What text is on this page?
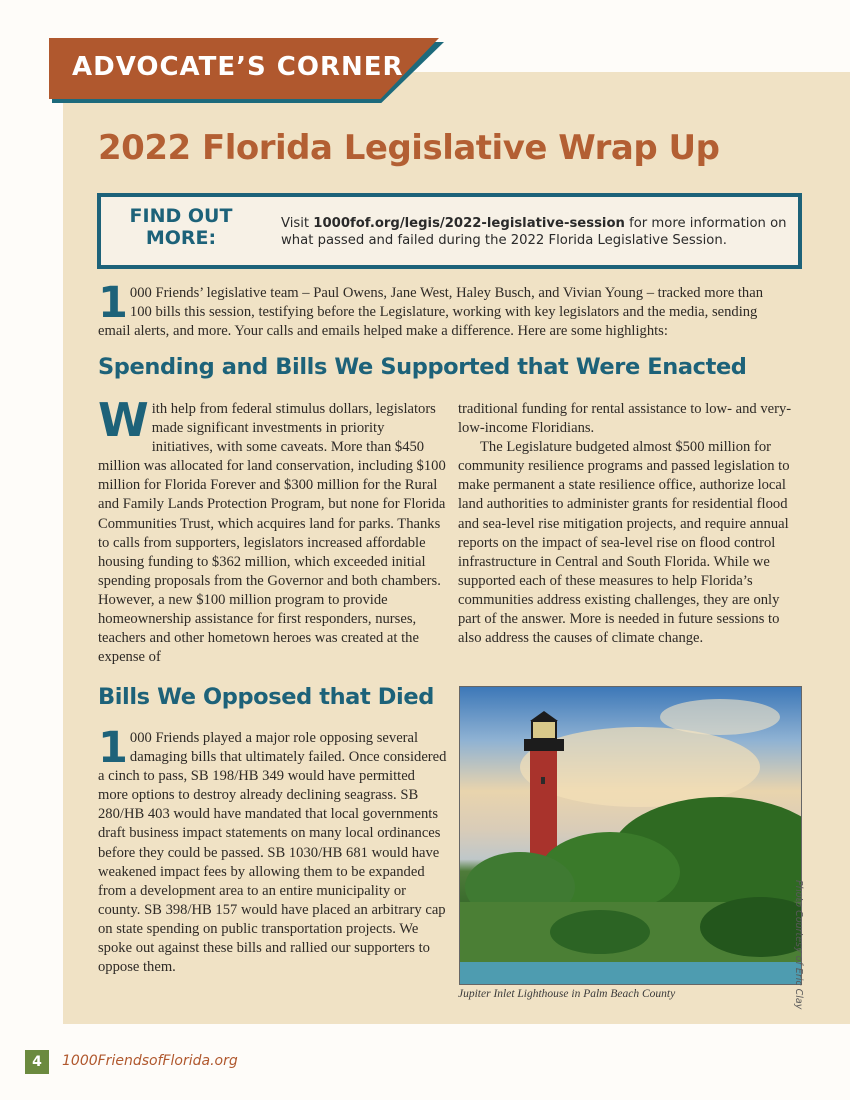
ADVOCATE’S CORNER
2022 Florida Legislative Wrap Up
FIND OUT
MORE:
Visit 1000fof.org/legis/2022-legislative-session for more information on what passed and failed during the 2022 Florida Legislative Session.
1 000 Friends’ legislative team – Paul Owens, Jane West, Haley Busch, and Vivian Young – tracked more than 100 bills this session, testifying before the Legislature, working with key legislators and the media, sending email alerts, and more. Your calls and emails helped make a difference. Here are some highlights:
Spending and Bills We Supported that Were Enacted

With help from federal stimulus dollars, legislators made significant investments in priority initiatives, with some caveats. More than $450 million was allocated for land conservation, including $100 million for Florida Forever and $300 million for the Rural and Family Lands Protection Program, but none for Florida Communities Trust, which acquires land for parks. Thanks to calls from supporters, legislators increased affordable housing funding to $362 million, which exceeded initial spending proposals from the Governor and both chambers. However, a new $100 million program to provide homeownership assistance for first responders, nurses, teachers and other hometown heroes was created at the expense of

traditional funding for rental assistance to low- and very-low-income Floridians.

The Legislature budgeted almost $500 million for community resilience programs and passed legislation to make permanent a state resilience office, authorize local land authorities to administer grants for residential flood and sea-level rise mitigation projects, and require annual reports on the impact of sea-level rise on flood control infrastructure in Central and South Florida. While we supported each of these measures to help Florida’s communities address existing challenges, they are only part of the answer. More is needed in future sessions to also address the causes of climate change.

Bills We Opposed that Died

1 000 Friends played a major role opposing several damaging bills that ultimately failed. Once considered a cinch to pass, SB 198/HB 349 would have permitted more options to destroy already declining seagrass. SB 280/HB 403 would have mandated that local governments draft business impact statements on many local ordinances before they could be passed. SB 1030/HB 681 would have weakened impact fees by allowing them to be expanded from a development area to an entire municipality or county. SB 398/HB 157 would have placed an arbitrary cap on state spending on public transportation projects. We spoke out against these bills and rallied our supporters to oppose them.

Jupiter Inlet Lighthouse in Palm Beach County	Photo Courtesy of Eric Clay
4	1000FriendsofFlorida.org
